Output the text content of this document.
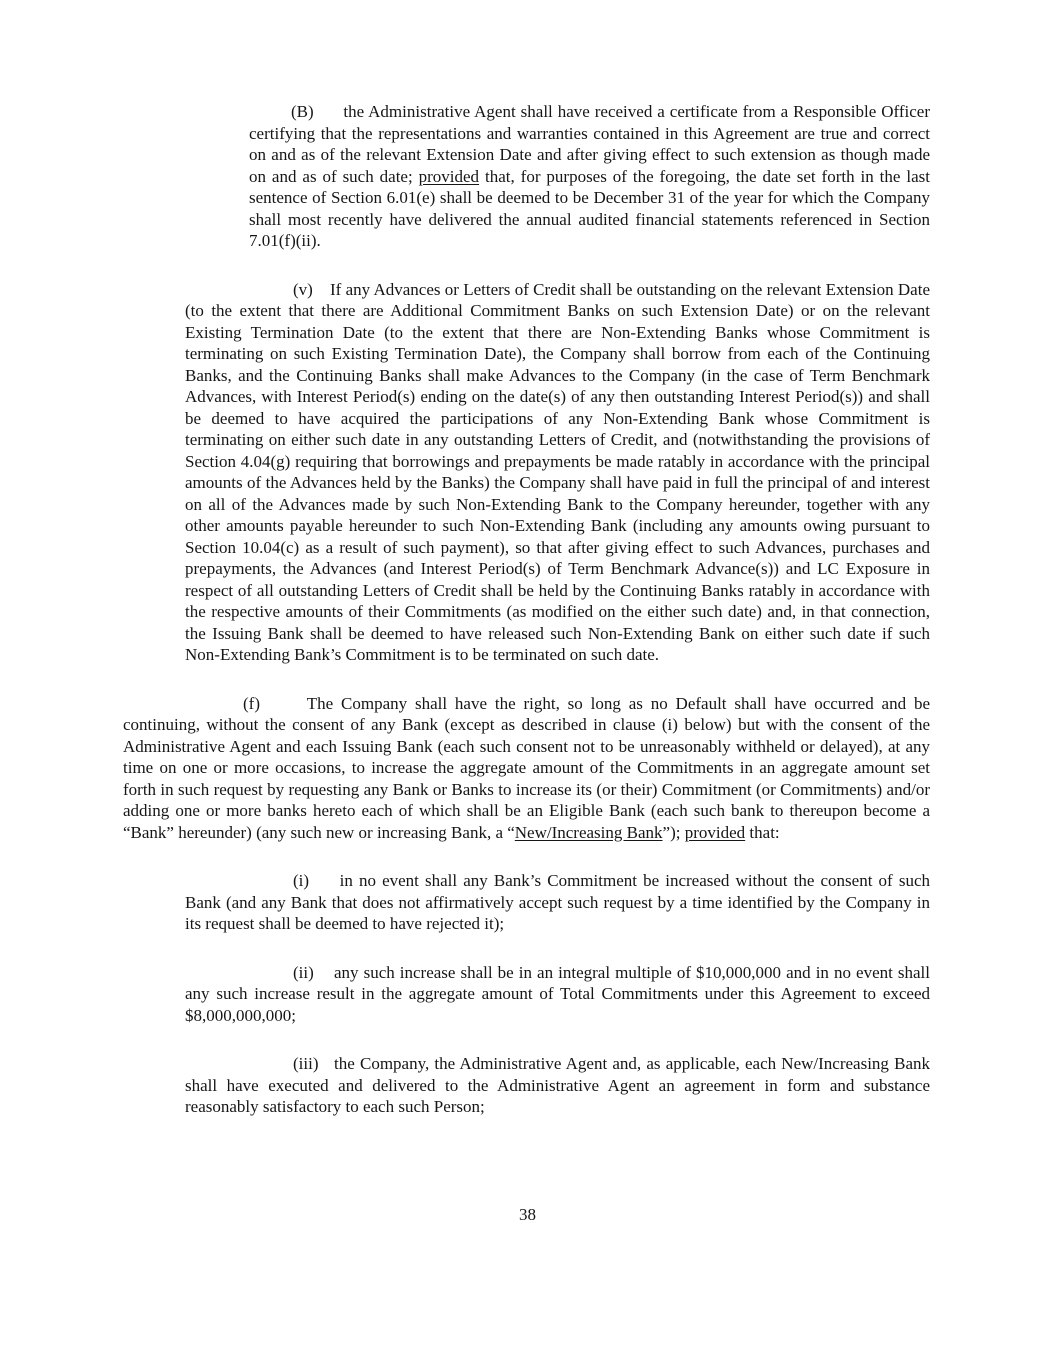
(B)      the Administrative Agent shall have received a certificate from a Responsible Officer certifying that the representations and warranties contained in this Agreement are true and correct on and as of the relevant Extension Date and after giving effect to such extension as though made on and as of such date; provided that, for purposes of the foregoing, the date set forth in the last sentence of Section 6.01(e) shall be deemed to be December 31 of the year for which the Company shall most recently have delivered the annual audited financial statements referenced in Section 7.01(f)(ii).

(v)    If any Advances or Letters of Credit shall be outstanding on the relevant Extension Date (to the extent that there are Additional Commitment Banks on such Extension Date) or on the relevant Existing Termination Date (to the extent that there are Non-Extending Banks whose Commitment is terminating on such Existing Termination Date), the Company shall borrow from each of the Continuing Banks, and the Continuing Banks shall make Advances to the Company (in the case of Term Benchmark Advances, with Interest Period(s) ending on the date(s) of any then outstanding Interest Period(s)) and shall be deemed to have acquired the participations of any Non-Extending Bank whose Commitment is terminating on either such date in any outstanding Letters of Credit, and (notwithstanding the provisions of Section 4.04(g) requiring that borrowings and prepayments be made ratably in accordance with the principal amounts of the Advances held by the Banks) the Company shall have paid in full the principal of and interest on all of the Advances made by such Non-Extending Bank to the Company hereunder, together with any other amounts payable hereunder to such Non-Extending Bank (including any amounts owing pursuant to Section 10.04(c) as a result of such payment), so that after giving effect to such Advances, purchases and prepayments, the Advances (and Interest Period(s) of Term Benchmark Advance(s)) and LC Exposure in respect of all outstanding Letters of Credit shall be held by the Continuing Banks ratably in accordance with the respective amounts of their Commitments (as modified on the either such date) and, in that connection, the Issuing Bank shall be deemed to have released such Non-Extending Bank on either such date if such Non-Extending Bank’s Commitment is to be terminated on such date.

(f)      The Company shall have the right, so long as no Default shall have occurred and be continuing, without the consent of any Bank (except as described in clause (i) below) but with the consent of the Administrative Agent and each Issuing Bank (each such consent not to be unreasonably withheld or delayed), at any time on one or more occasions, to increase the aggregate amount of the Commitments in an aggregate amount set forth in such request by requesting any Bank or Banks to increase its (or their) Commitment (or Commitments) and/or adding one or more banks hereto each of which shall be an Eligible Bank (each such bank to thereupon become a “Bank” hereunder) (any such new or increasing Bank, a “New/Increasing Bank”); provided that:

(i)     in no event shall any Bank’s Commitment be increased without the consent of such Bank (and any Bank that does not affirmatively accept such request by a time identified by the Company in its request shall be deemed to have rejected it);

(ii)    any such increase shall be in an integral multiple of $10,000,000 and in no event shall any such increase result in the aggregate amount of Total Commitments under this Agreement to exceed $8,000,000,000;

(iii)   the Company, the Administrative Agent and, as applicable, each New/Increasing Bank shall have executed and delivered to the Administrative Agent an agreement in form and substance reasonably satisfactory to each such Person;

38
